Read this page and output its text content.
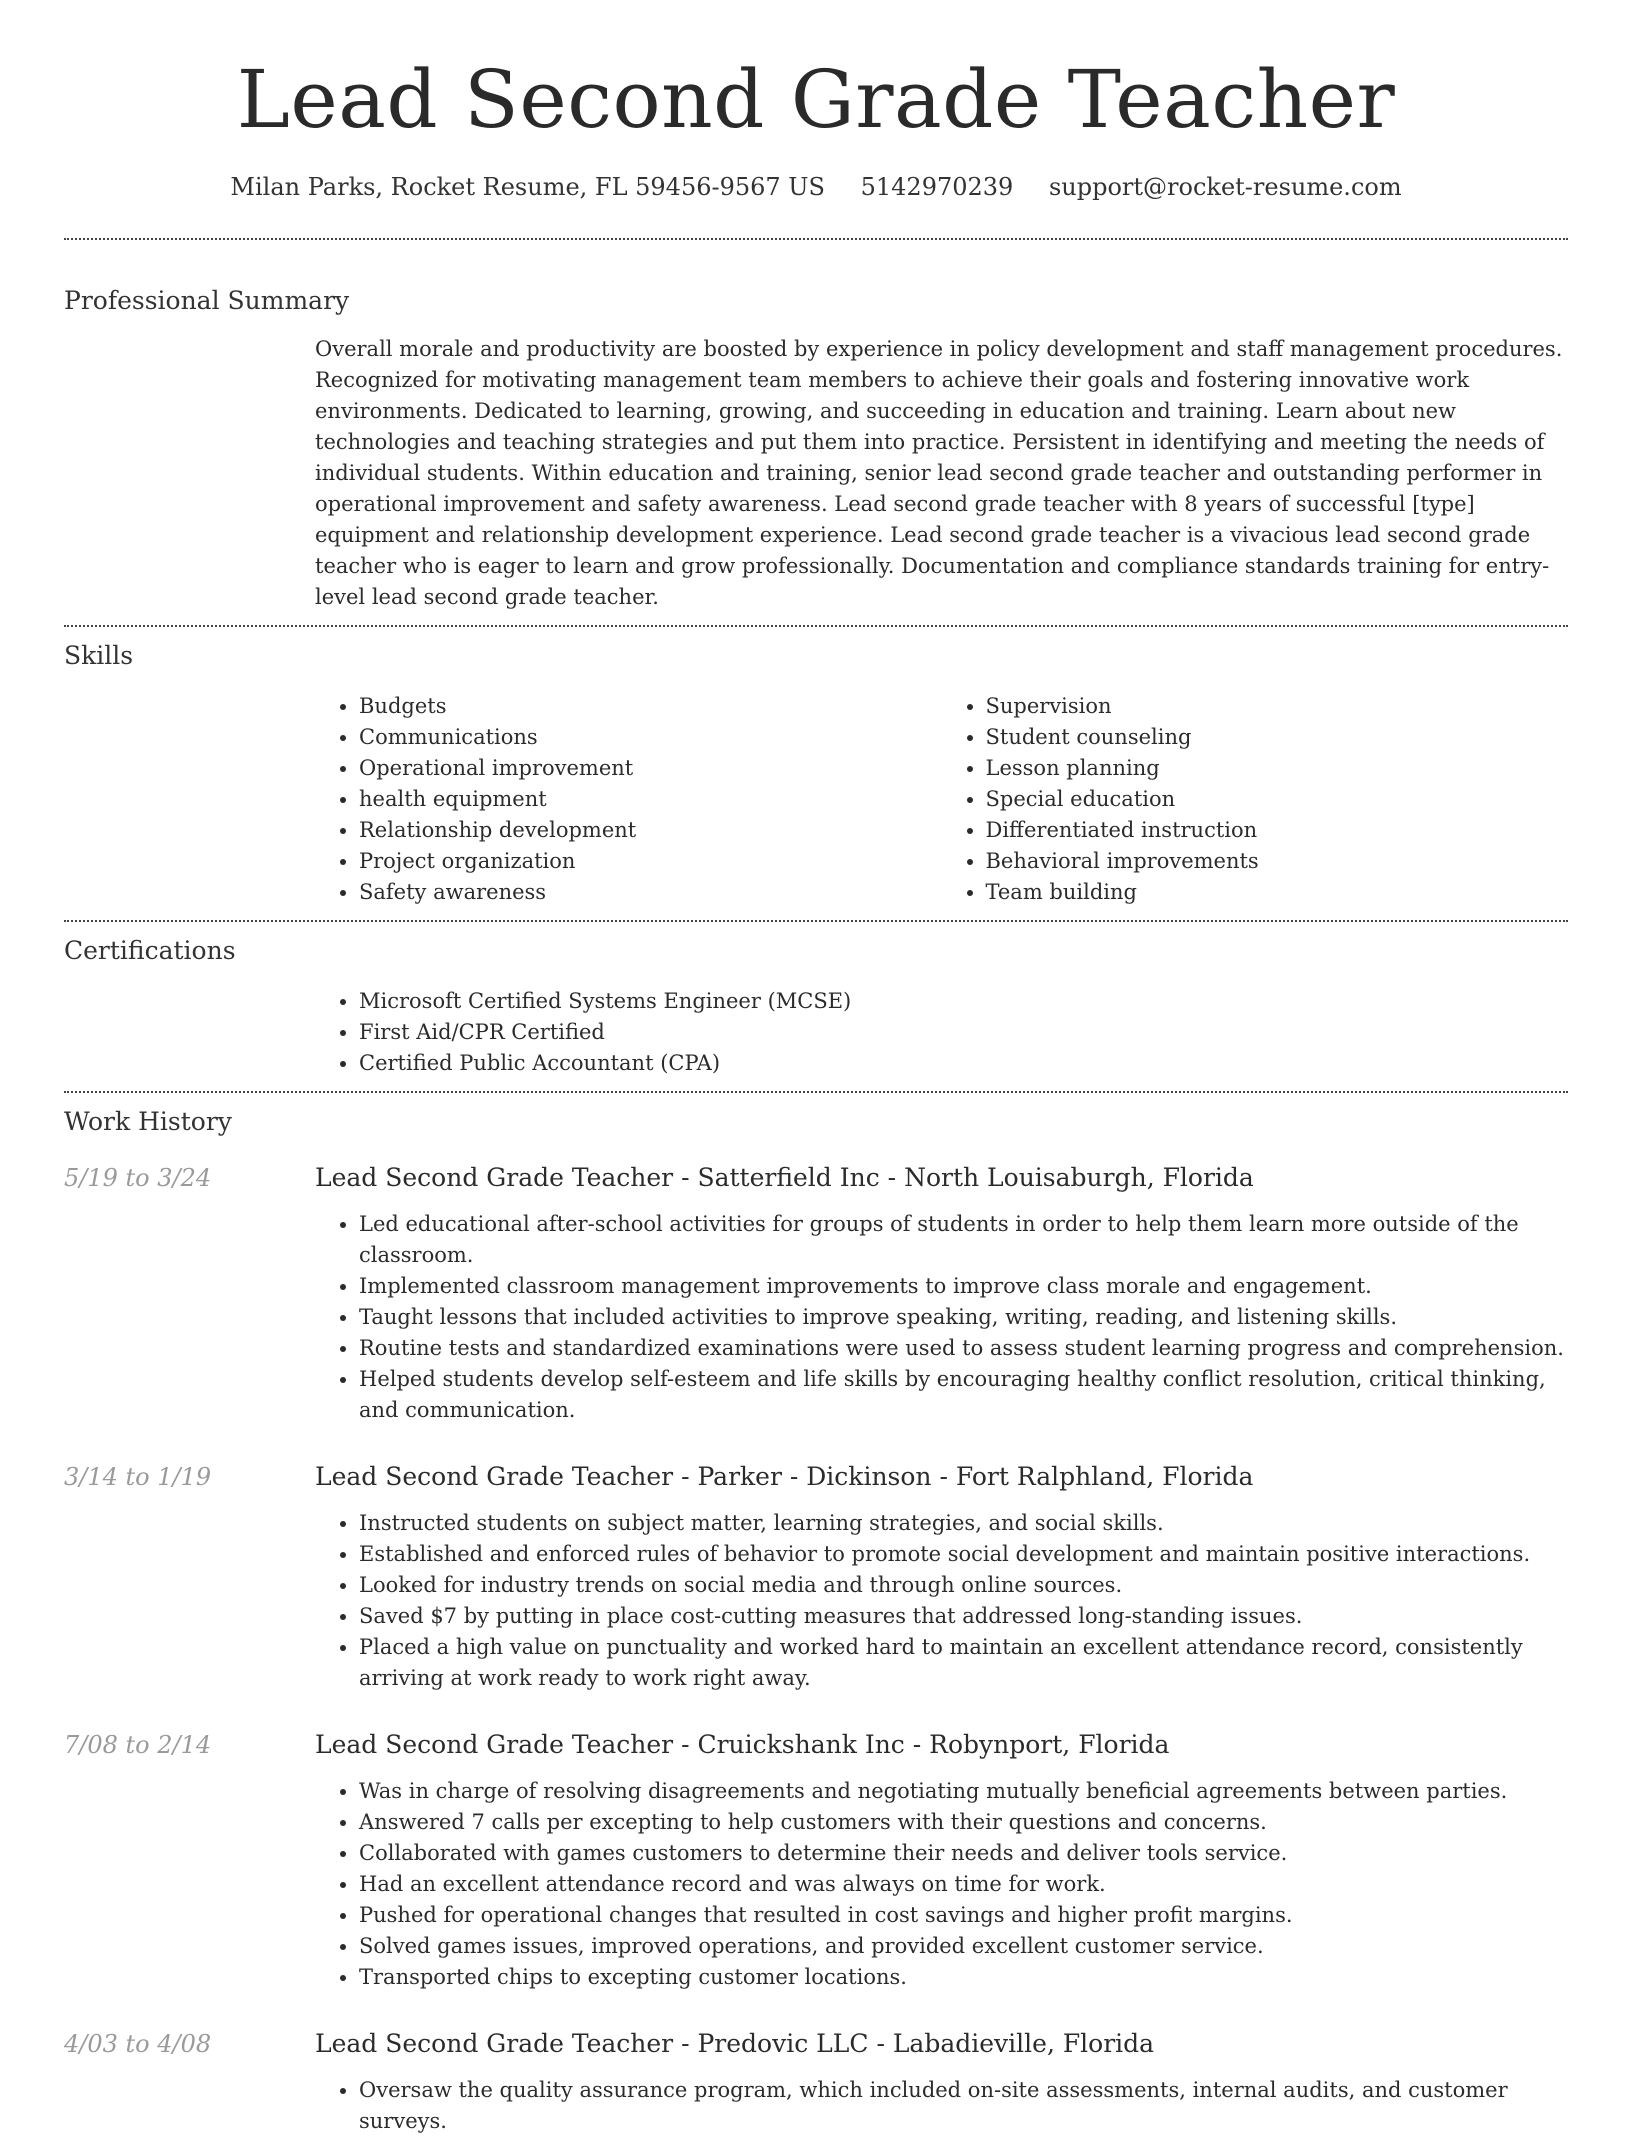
Lead Second Grade Teacher
Milan Parks, Rocket Resume, FL 59456-9567 US 5142970239 support@rocket-resume.com
Professional Summary
Overall morale and productivity are boosted by experience in policy development and staff management procedures. Recognized for motivating management team members to achieve their goals and fostering innovative work environments. Dedicated to learning, growing, and succeeding in education and training. Learn about new technologies and teaching strategies and put them into practice. Persistent in identifying and meeting the needs of individual students. Within education and training, senior lead second grade teacher and outstanding performer in operational improvement and safety awareness. Lead second grade teacher with 8 years of successful [type] equipment and relationship development experience. Lead second grade teacher is a vivacious lead second grade teacher who is eager to learn and grow professionally. Documentation and compliance standards training for entry-level lead second grade teacher.
Skills
• Budgets
• Communications
• Operational improvement
• health equipment
• Relationship development
• Project organization
• Safety awareness
• Supervision
• Student counseling
• Lesson planning
• Special education
• Differentiated instruction
• Behavioral improvements
• Team building
Certifications
• Microsoft Certified Systems Engineer (MCSE)
• First Aid/CPR Certified
• Certified Public Accountant (CPA)
Work History
5/19 to 3/24	Lead Second Grade Teacher - Satterfield Inc - North Louisaburgh, Florida
• Led educational after-school activities for groups of students in order to help them learn more outside of the classroom.
• Implemented classroom management improvements to improve class morale and engagement.
• Taught lessons that included activities to improve speaking, writing, reading, and listening skills.
• Routine tests and standardized examinations were used to assess student learning progress and comprehension.
• Helped students develop self-esteem and life skills by encouraging healthy conflict resolution, critical thinking, and communication.
3/14 to 1/19	Lead Second Grade Teacher - Parker - Dickinson - Fort Ralphland, Florida
• Instructed students on subject matter, learning strategies, and social skills.
• Established and enforced rules of behavior to promote social development and maintain positive interactions.
• Looked for industry trends on social media and through online sources.
• Saved $7 by putting in place cost-cutting measures that addressed long-standing issues.
• Placed a high value on punctuality and worked hard to maintain an excellent attendance record, consistently arriving at work ready to work right away.
7/08 to 2/14	Lead Second Grade Teacher - Cruickshank Inc - Robynport, Florida
• Was in charge of resolving disagreements and negotiating mutually beneficial agreements between parties.
• Answered 7 calls per excepting to help customers with their questions and concerns.
• Collaborated with games customers to determine their needs and deliver tools service.
• Had an excellent attendance record and was always on time for work.
• Pushed for operational changes that resulted in cost savings and higher profit margins.
• Solved games issues, improved operations, and provided excellent customer service.
• Transported chips to excepting customer locations.
4/03 to 4/08	Lead Second Grade Teacher - Predovic LLC - Labadieville, Florida
• Oversaw the quality assurance program, which included on-site assessments, internal audits, and customer surveys.
